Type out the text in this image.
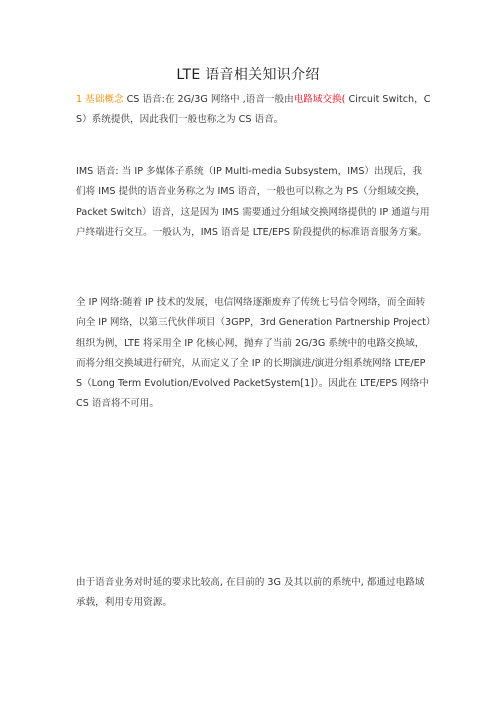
LTE 语音相关知识介绍
1 基础概念 CS 语音:在 2G/3G 网络中 ,语音一般由电路域交换( Circuit Switch，CS）系统提供，因此我们一般也称之为 CS 语音。
IMS 语音: 当 IP 多媒体子系统（IP Multi-media Subsystem，IMS）出现后，我们将 IMS 提供的语音业务称之为 IMS 语音，一般也可以称之为 PS（分组域交换，Packet Switch）语音，这是因为 IMS 需要通过分组域交换网络提供的 IP 通道与用户终端进行交互。一般认为，IMS 语音是 LTE/EPS 阶段提供的标准语音服务方案。
全 IP 网络:随着 IP 技术的发展，电信网络逐渐废弃了传统七号信令网络，而全面转向全 IP 网络，以第三代伙伴项目（3GPP，3rd Generation Partnership Project）组织为例，LTE 将采用全 IP 化核心网，抛弃了当前 2G/3G 系统中的电路交换域，而将分组交换域进行研究，从而定义了全 IP 的长期演进/演进分组系统网络 LTE/EPS（Long Term Evolution/Evolved PacketSystem[1]）。因此在 LTE/EPS 网络中 CS 语音将不可用。
由于语音业务对时延的要求比较高, 在目前的 3G 及其以前的系统中, 都通过电路域承载，利用专用资源。
